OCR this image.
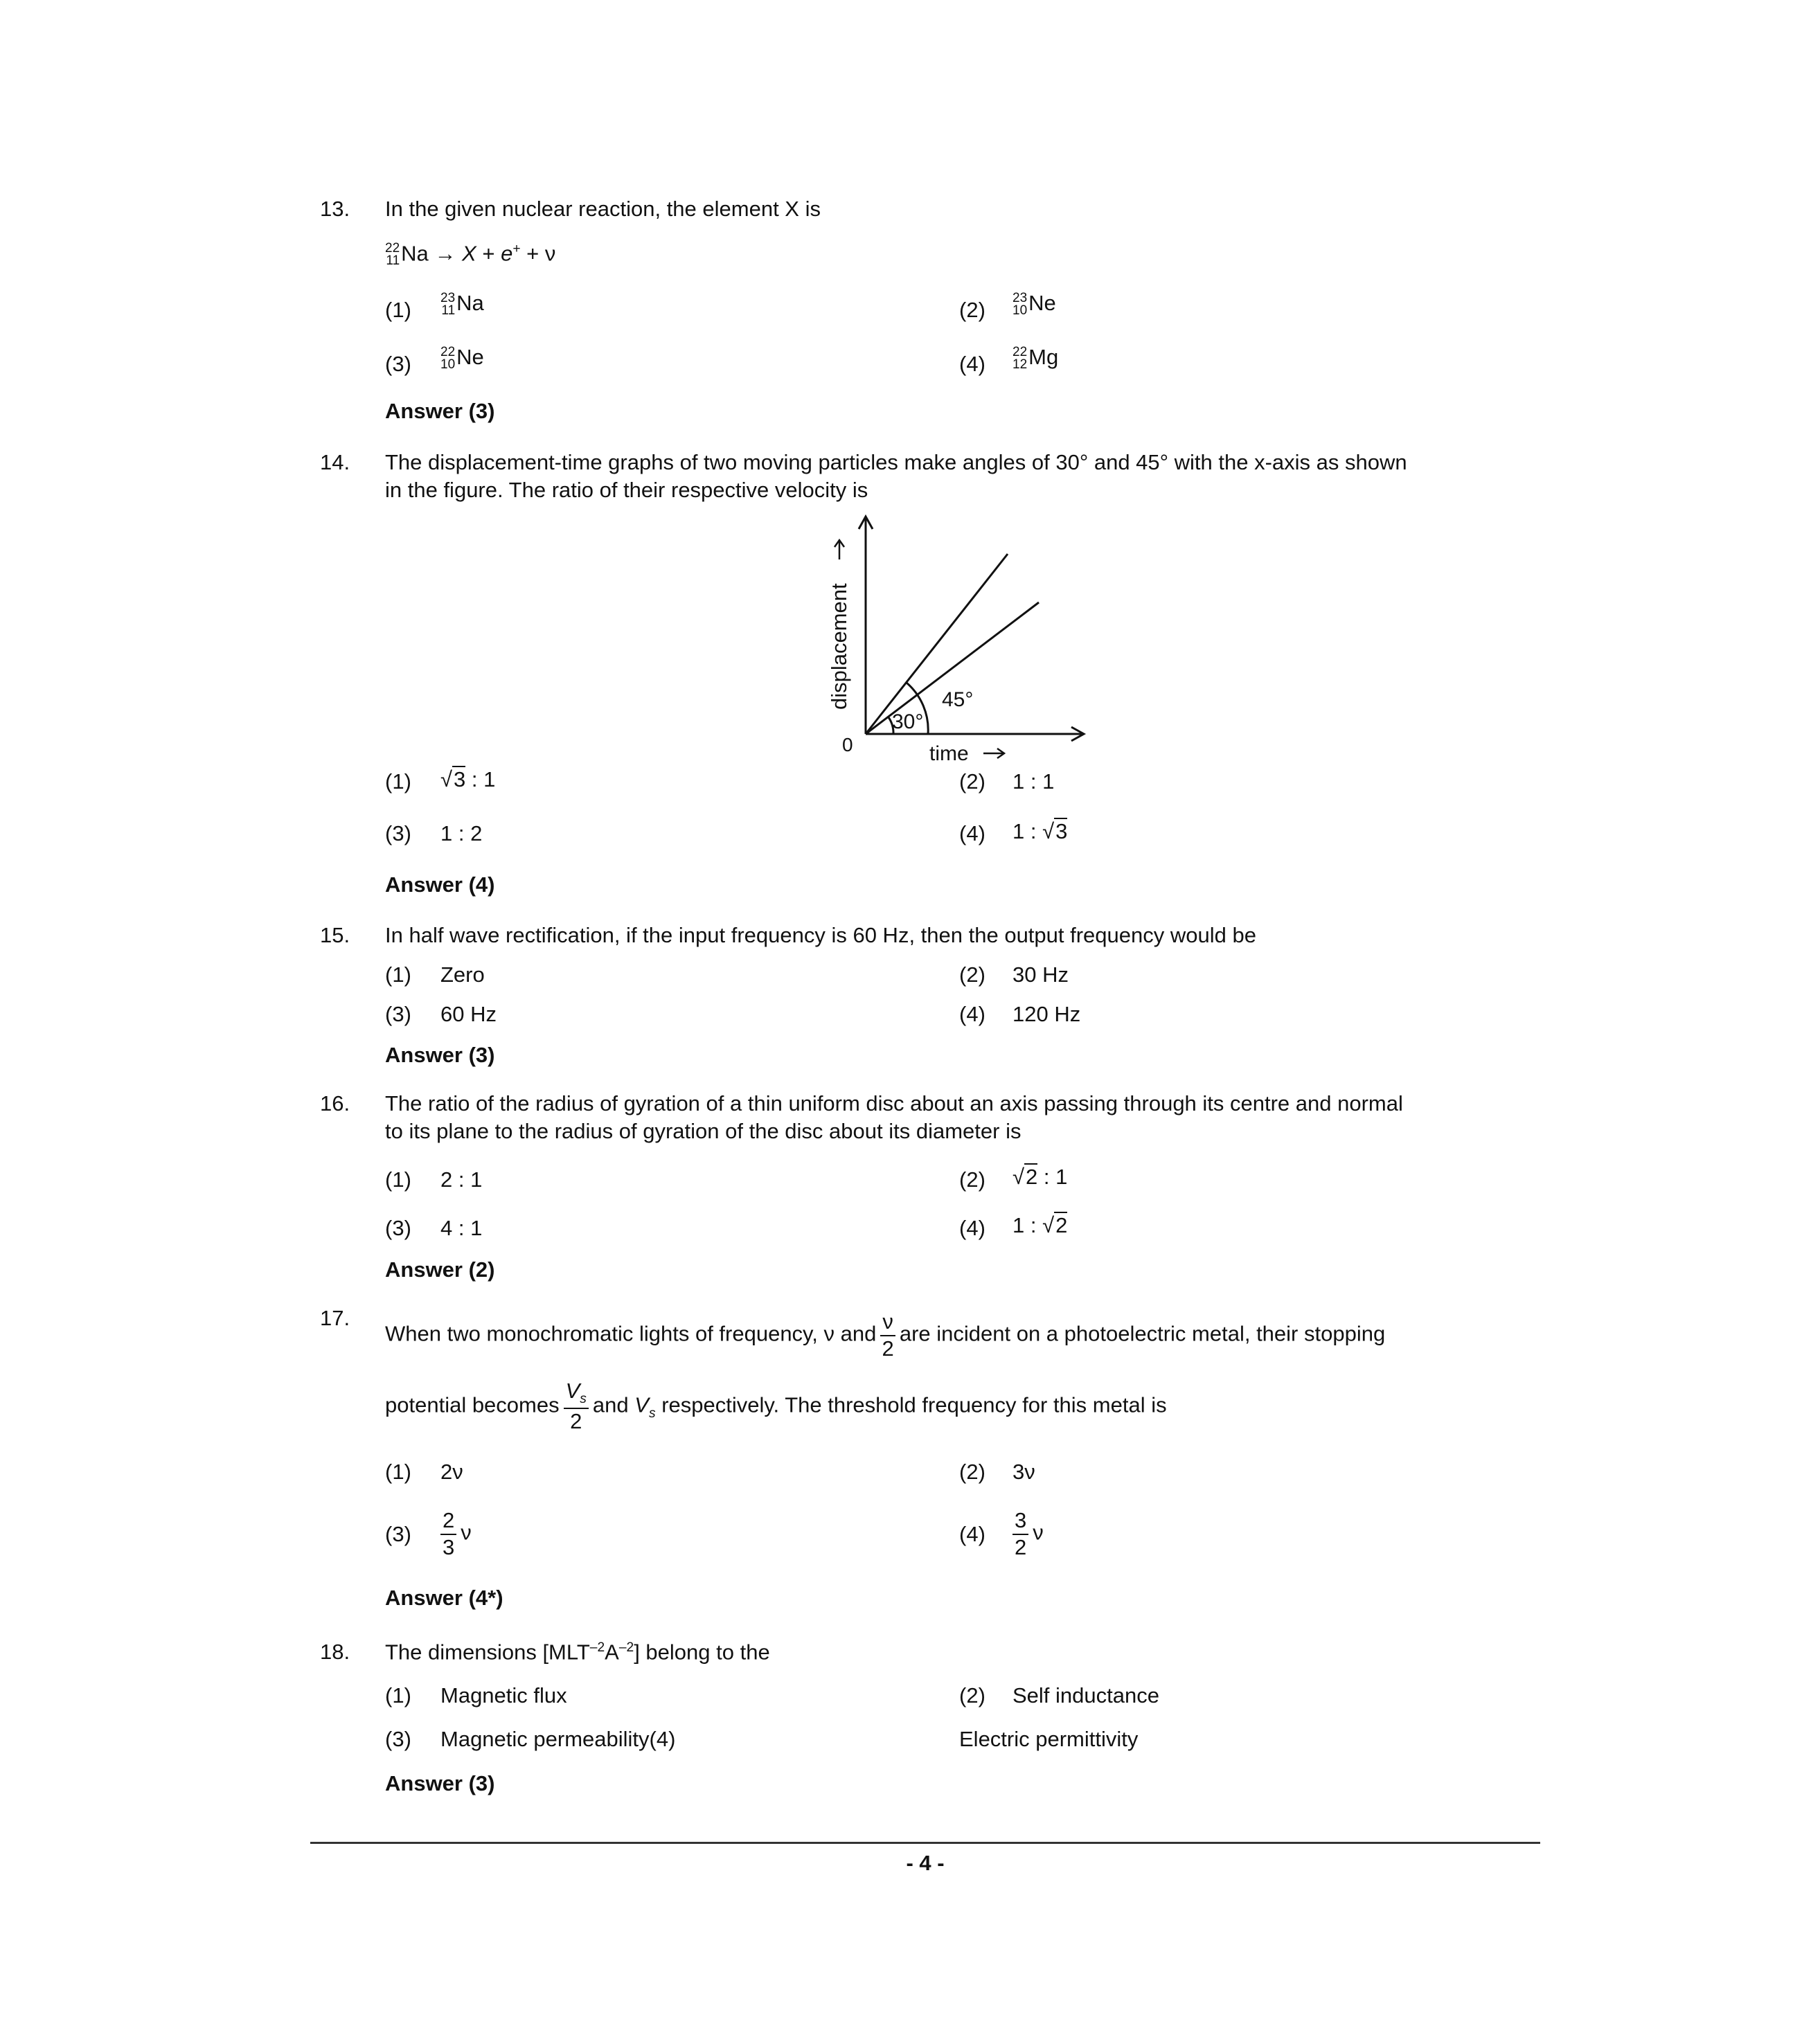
13. In the given nuclear reaction, the element X is
22
11 Na → X + e+ + ν
(1) 23
11 Na	(2) 23
10 Ne
(3) 22
10 Ne	(4) 22
12 Mg
Answer (3)
14. The displacement-time graphs of two moving particles make angles of 30° and 45° with the x-axis as shown
in the figure. The ratio of their respective velocity is
30°
45°
0	time
displacement
(1) √3 : 1	(2) 1 : 1
(3) 1 : 2	(4) 1 : √3
Answer (4)
15. In half wave rectification, if the input frequency is 60 Hz, then the output frequency would be
(1) Zero	(2) 30 Hz
(3) 60 Hz	(4) 120 Hz
Answer (3)
16. The ratio of the radius of gyration of a thin uniform disc about an axis passing through its centre and normal
to its plane to the radius of gyration of the disc about its diameter is
(1) 2 : 1	(2) √2 : 1
(3) 4 : 1	(4) 1 : √2
Answer (2)
17.
When two monochromatic lights of frequency, ν and $\frac{\nu}{2}$ are incident on a photoelectric metal, their stopping
potential becomes $\frac{V_s}{2}$ and $V_s$ respectively. The threshold frequency for this metal is
(1) 2ν	(2) 3ν
$(3) \frac{2}{3}$ ν	$(4) \frac{3}{2}$ ν
Answer (4*)
18. The dimensions $[MLT^{-2}A^{-2}]$ belong to the
(1) Magnetic flux	(2) Self inductance
(3) Magnetic permeability(4)	Electric permittivity
Answer (3)
- 4 -
